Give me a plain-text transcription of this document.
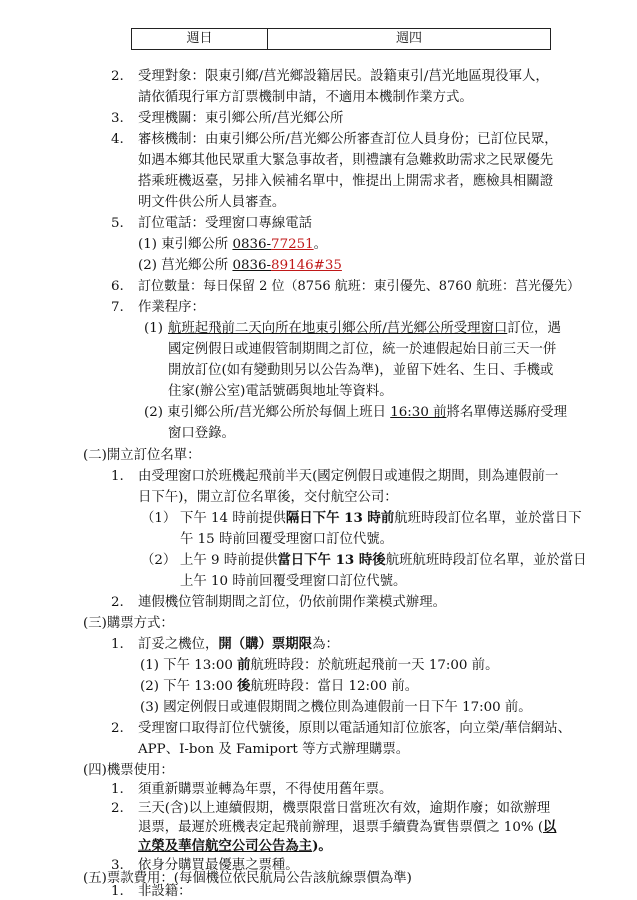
週日	週四
2. 受理對象：限東引鄉/莒光鄉設籍居民。設籍東引/莒光地區現役軍人，
請依循現行軍方訂票機制申請，不適用本機制作業方式。
3. 受理機關：東引鄉公所/莒光鄉公所
4. 審核機制：由東引鄉公所/莒光鄉公所審查訂位人員身份；已訂位民眾，
如遇本鄉其他民眾重大緊急事故者，則禮讓有急難救助需求之民眾優先
搭乘班機返臺，另排入候補名單中，惟提出上開需求者，應檢具相關證
明文件供公所人員審查。
5. 訂位電話：受理窗口專線電話
(1) 東引鄉公所 0836-77251。
(2) 莒光鄉公所 0836-89146#35
6. 訂位數量：每日保留 2 位（8756 航班：東引優先、8760 航班：莒光優先）
7. 作業程序：
(1) 航班起飛前二天向所在地東引鄉公所/莒光鄉公所受理窗口訂位，遇
國定例假日或連假管制期間之訂位，統一於連假起始日前三天一併
開放訂位(如有變動則另以公告為準)，並留下姓名、生日、手機或
住家(辦公室)電話號碼與地址等資料。
(2) 東引鄉公所/莒光鄉公所於每個上班日 16:30 前將名單傳送縣府受理
窗口登錄。
(二)開立訂位名單：
1. 由受理窗口於班機起飛前半天(國定例假日或連假之期間，則為連假前一
日下午)，開立訂位名單後，交付航空公司：
（1） 下午 14 時前提供隔日下午 13 時前航班時段訂位名單，並於當日下
午 15 時前回覆受理窗口訂位代號。
（2） 上午 9 時前提供當日下午 13 時後航班航班時段訂位名單，並於當日
上午 10 時前回覆受理窗口訂位代號。
2. 連假機位管制期間之訂位，仍依前開作業模式辦理。
(三)購票方式：
1. 訂妥之機位，開（購）票期限為：
(1) 下午 13:00 前航班時段：於航班起飛前一天 17:00 前。
(2) 下午 13:00 後航班時段：當日 12:00 前。
(3) 國定例假日或連假期間之機位則為連假前一日下午 17:00 前。
2. 受理窗口取得訂位代號後，原則以電話通知訂位旅客，向立榮/華信網站、
APP、I-bon 及 Famiport 等方式辦理購票。
(四)機票使用：
1. 須重新購票並轉為年票，不得使用舊年票。
2. 三天(含)以上連續假期，機票限當日當班次有效，逾期作廢；如欲辦理
退票，最遲於班機表定起飛前辦理，退票手續費為實售票價之 10% (以
立榮及華信航空公司公告為主)。
3. 依身分購買最優惠之票種。
(五)票款費用：(每個機位依民航局公告該航線票價為準)
1. 非設籍：
